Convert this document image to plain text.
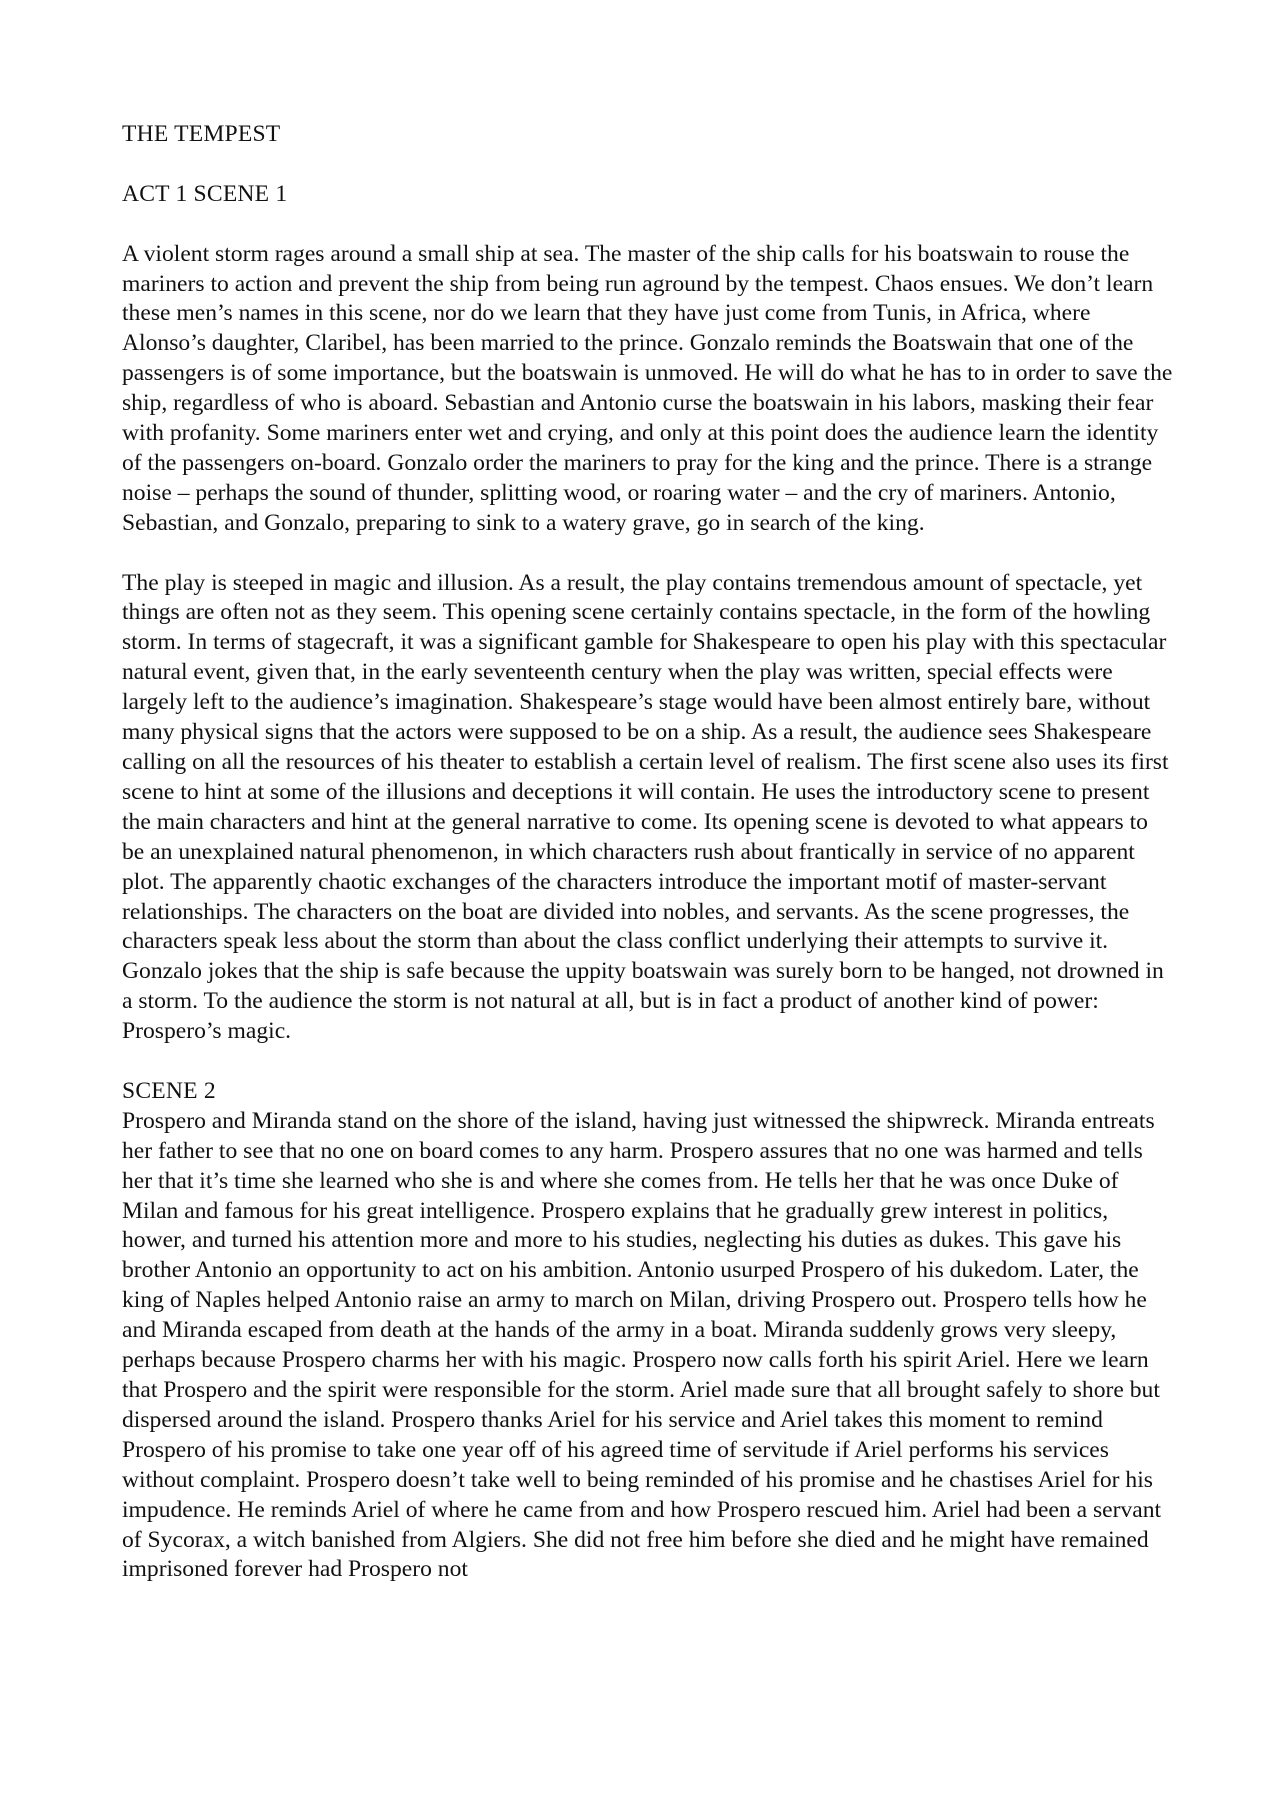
THE TEMPEST

ACT 1 SCENE 1

A violent storm rages around a small ship at sea. The master of the ship calls for his boatswain to rouse the mariners to action and prevent the ship from being run aground by the tempest. Chaos ensues. We don’t learn these men’s names in this scene, nor do we learn that they have just come from Tunis, in Africa, where Alonso’s daughter, Claribel, has been married to the prince. Gonzalo reminds the Boatswain that one of the passengers is of some importance, but the boatswain is unmoved. He will do what he has to in order to save the ship, regardless of who is aboard. Sebastian and Antonio curse the boatswain in his labors, masking their fear with profanity. Some mariners enter wet and crying, and only at this point does the audience learn the identity of the passengers on-board. Gonzalo order the mariners to pray for the king and the prince. There is a strange noise – perhaps the sound of thunder, splitting wood, or roaring water – and the cry of mariners. Antonio, Sebastian, and Gonzalo, preparing to sink to a watery grave, go in search of the king.

The play is steeped in magic and illusion. As a result, the play contains tremendous amount of spectacle, yet things are often not as they seem. This opening scene certainly contains spectacle, in the form of the howling storm. In terms of stagecraft, it was a significant gamble for Shakespeare to open his play with this spectacular natural event, given that, in the early seventeenth century when the play was written, special effects were largely left to the audience’s imagination. Shakespeare’s stage would have been almost entirely bare, without many physical signs that the actors were supposed to be on a ship. As a result, the audience sees Shakespeare calling on all the resources of his theater to establish a certain level of realism. The first scene also uses its first scene to hint at some of the illusions and deceptions it will contain. He uses the introductory scene to present the main characters and hint at the general narrative to come. Its opening scene is devoted to what appears to be an unexplained natural phenomenon, in which characters rush about frantically in service of no apparent plot. The apparently chaotic exchanges of the characters introduce the important motif of master-servant relationships. The characters on the boat are divided into nobles, and servants. As the scene progresses, the characters speak less about the storm than about the class conflict underlying their attempts to survive it. Gonzalo jokes that the ship is safe because the uppity boatswain was surely born to be hanged, not drowned in a storm. To the audience the storm is not natural at all, but is in fact a product of another kind of power: Prospero’s magic.

SCENE 2

Prospero and Miranda stand on the shore of the island, having just witnessed the shipwreck. Miranda entreats her father to see that no one on board comes to any harm. Prospero assures that no one was harmed and tells her that it’s time she learned who she is and where she comes from. He tells her that he was once Duke of Milan and famous for his great intelligence. Prospero explains that he gradually grew interest in politics, hower, and turned his attention more and more to his studies, neglecting his duties as dukes. This gave his brother Antonio an opportunity to act on his ambition. Antonio usurped Prospero of his dukedom. Later, the king of Naples helped Antonio raise an army to march on Milan, driving Prospero out. Prospero tells how he and Miranda escaped from death at the hands of the army in a boat. Miranda suddenly grows very sleepy, perhaps because Prospero charms her with his magic. Prospero now calls forth his spirit Ariel. Here we learn that Prospero and the spirit were responsible for the storm. Ariel made sure that all brought safely to shore but dispersed around the island. Prospero thanks Ariel for his service and Ariel takes this moment to remind Prospero of his promise to take one year off of his agreed time of servitude if Ariel performs his services without complaint. Prospero doesn’t take well to being reminded of his promise and he chastises Ariel for his impudence. He reminds Ariel of where he came from and how Prospero rescued him. Ariel had been a servant of Sycorax, a witch banished from Algiers. She did not free him before she died and he might have remained imprisoned forever had Prospero not
